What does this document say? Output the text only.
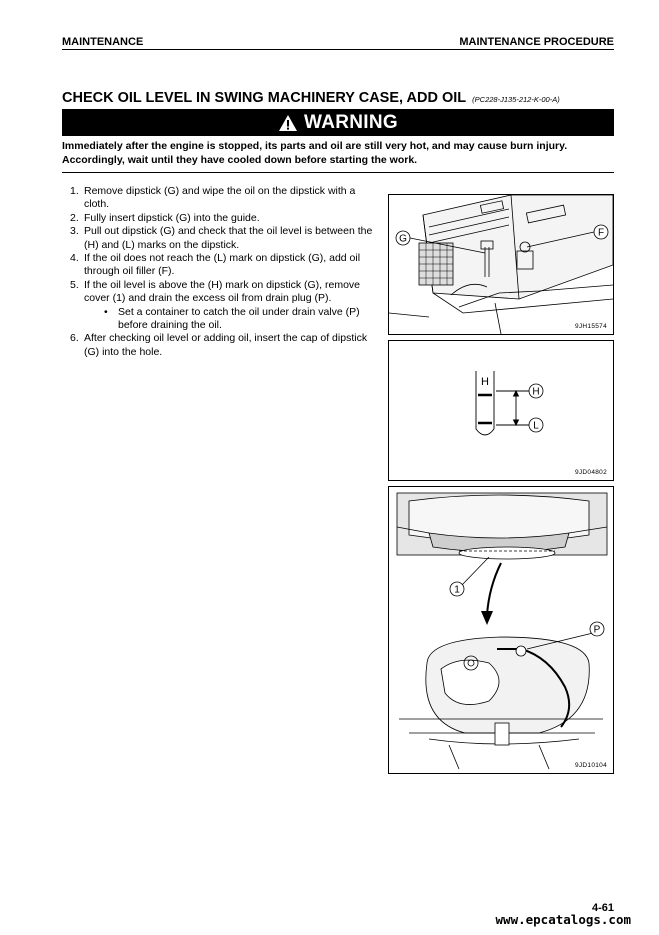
MAINTENANCE	MAINTENANCE PROCEDURE
CHECK OIL LEVEL IN SWING MACHINERY CASE, ADD OIL (PC228-J135-212-K-00-A)
WARNING
Immediately after the engine is stopped, its parts and oil are still very hot, and may cause burn injury. Accordingly, wait until they have cooled down before starting the work.
1. Remove dipstick (G) and wipe the oil on the dipstick with a cloth.
2. Fully insert dipstick (G) into the guide.
3. Pull out dipstick (G) and check that the oil level is between the (H) and (L) marks on the dipstick.
4. If the oil does not reach the (L) mark on dipstick (G), add oil through oil filler (F).
5. If the oil level is above the (H) mark on dipstick (G), remove cover (1) and drain the excess oil from drain plug (P).
• Set a container to catch the oil under drain valve (P) before draining the oil.
6. After checking oil level or adding oil, insert the cap of dipstick (G) into the hole.
G
F
9JH15574
H
H
L
9JD04802
1
P
9JD10104
4-61
www.epcatalogs.com
